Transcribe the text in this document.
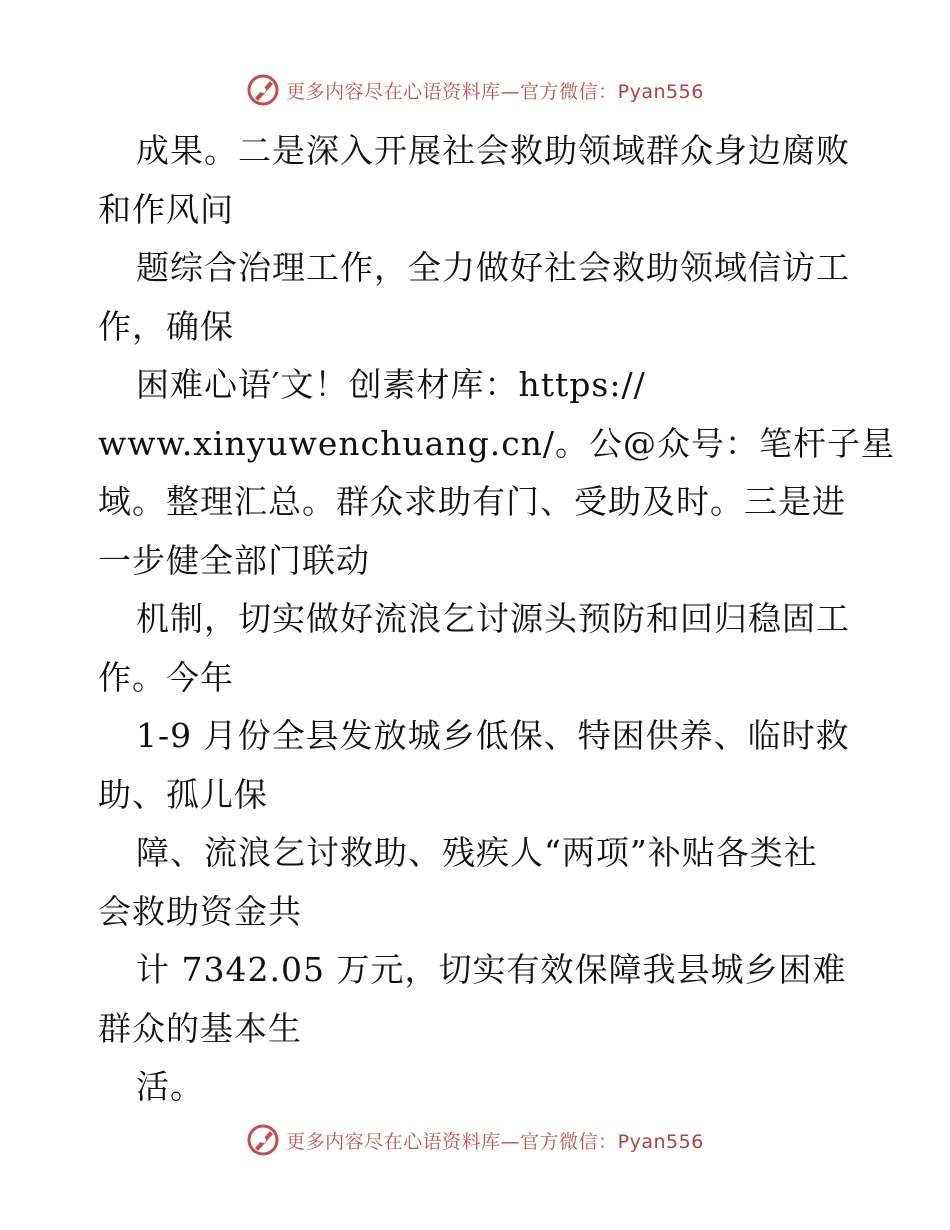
更多内容尽在心语资料库—官方微信：Pyan556
成果。二是深入开展社会救助领域群众身边腐败
和作风问
题综合治理工作，全力做好社会救助领域信访工
作，确保
困难心语′文！创素材库：https://
www.xinyuwenchuang.cn/。公@众号：笔杆子星
域。整理汇总。群众求助有门、受助及时。三是进
一步健全部门联动
机制，切实做好流浪乞讨源头预防和回归稳固工
作。今年
1-9 月份全县发放城乡低保、特困供养、临时救
助、孤儿保
障、流浪乞讨救助、残疾人“两项”补贴各类社
会救助资金共
计 7342.05 万元，切实有效保障我县城乡困难
群众的基本生
活。
更多内容尽在心语资料库—官方微信：Pyan556
